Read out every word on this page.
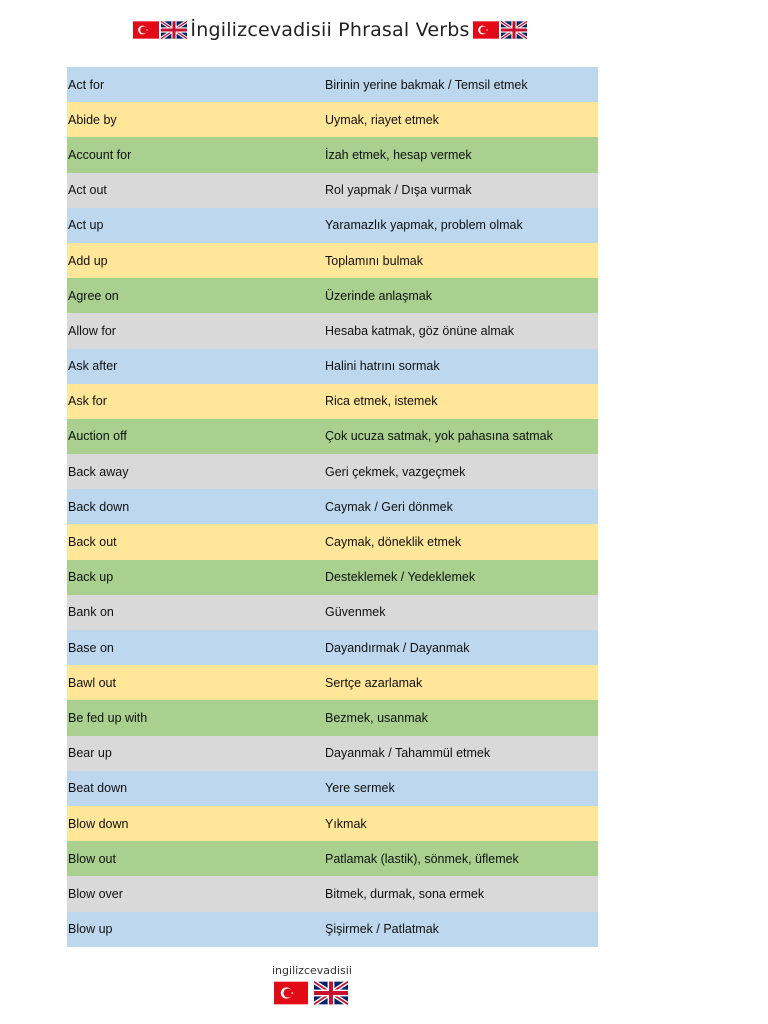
İngilizcevadisii Phrasal Verbs
Act for	Birinin yerine bakmak / Temsil etmek
Abide by	Uymak, riayet etmek
Account for	İzah etmek, hesap vermek
Act out	Rol yapmak / Dışa vurmak
Act up	Yaramazlık yapmak, problem olmak
Add up	Toplamını bulmak
Agree on	Üzerinde anlaşmak
Allow for	Hesaba katmak, göz önüne almak
Ask after	Halini hatrını sormak
Ask for	Rica etmek, istemek
Auction off	Çok ucuza satmak, yok pahasına satmak
Back away	Geri çekmek, vazgeçmek
Back down	Caymak / Geri dönmek
Back out	Caymak, döneklik etmek
Back up	Desteklemek / Yedeklemek
Bank on	Güvenmek
Base on	Dayandırmak / Dayanmak
Bawl out	Sertçe azarlamak
Be fed up with	Bezmek, usanmak
Bear up	Dayanmak / Tahammül etmek
Beat down	Yere sermek
Blow down	Yıkmak
Blow out	Patlamak (lastik), sönmek, üflemek
Blow over	Bitmek, durmak, sona ermek
Blow up	Şişirmek / Patlatmak
ingilizcevadisii
